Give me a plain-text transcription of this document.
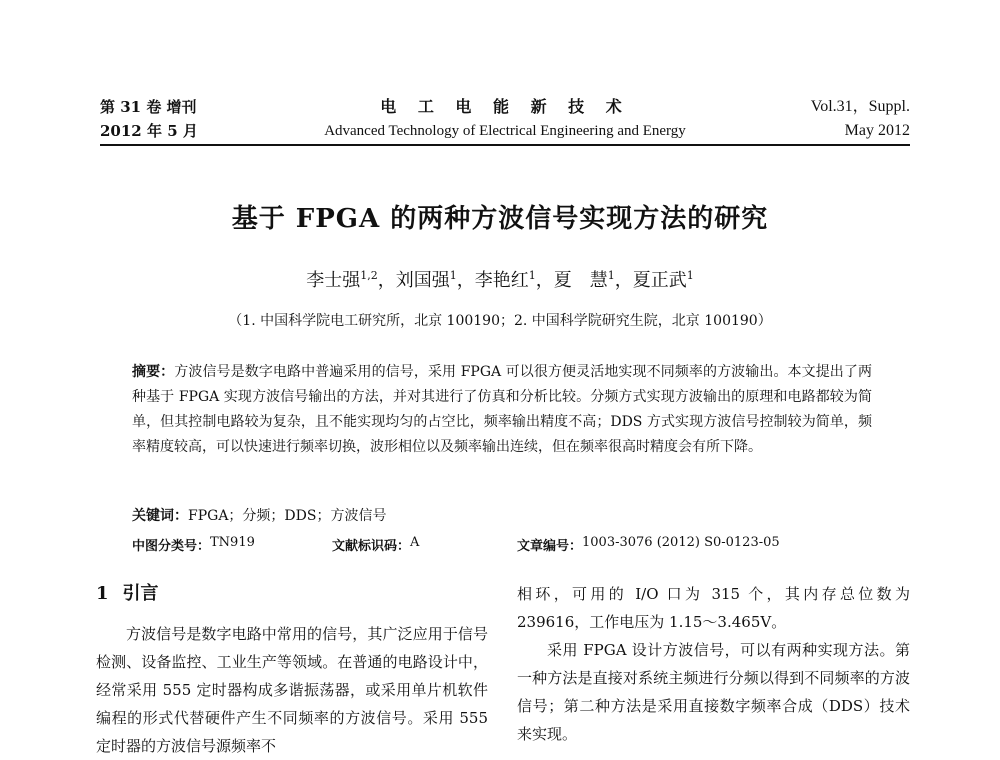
第 31 卷 增刊
2012 年 5 月
电 工 电 能 新 技 术
Advanced Technology of Electrical Engineering and Energy
Vol.31，Suppl.
May 2012
基于 FPGA 的两种方波信号实现方法的研究
李士强$^{1,2}$，刘国强$^1$，李艳红$^1$，夏　慧$^1$，夏正武$^1$
（1. 中国科学院电工研究所，北京 100190；2. 中国科学院研究生院，北京 100190）
摘要：方波信号是数字电路中普遍采用的信号，采用 FPGA 可以很方便灵活地实现不同频率的方波输出。本文提出了两种基于 FPGA 实现方波信号输出的方法，并对其进行了仿真和分析比较。分频方式实现方波输出的原理和电路都较为简单，但其控制电路较为复杂，且不能实现均匀的占空比，频率输出精度不高；DDS 方式实现方波信号控制较为简单，频率精度较高，可以快速进行频率切换，波形相位以及频率输出连续，但在频率很高时精度会有所下降。
关键词：FPGA；分频；DDS；方波信号
中图分类号： TN919	文献标识码： A	文章编号： 1003-3076 (2012) S0-0123-05
1 引言

方波信号是数字电路中常用的信号，其广泛应用于信号检测、设备监控、工业生产等领域。在普通的电路设计中，经常采用 555 定时器构成多谐振荡器，或采用单片机软件编程的形式代替硬件产生不同频率的方波信号。采用 555 定时器的方波信号源频率不

相环，可用的 I/O 口为 315 个，其内存总位数为 239616，工作电压为 1.15～3.465V。

采用 FPGA 设计方波信号，可以有两种实现方法。第一种方法是直接对系统主频进行分频以得到不同频率的方波信号；第二种方法是采用直接数字频率合成（DDS）技术来实现。
